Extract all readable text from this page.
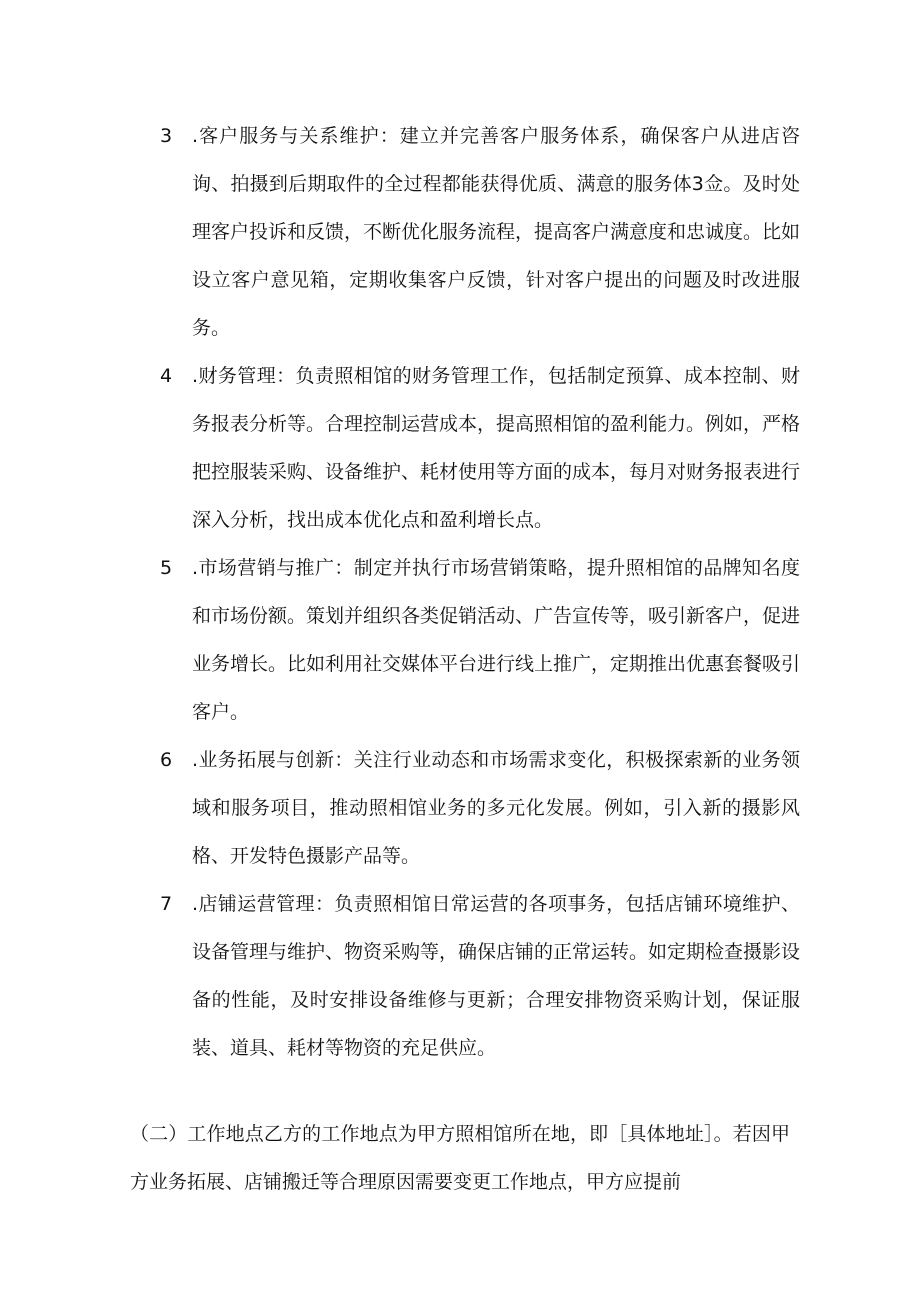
3	.客户服务与关系维护：建立并完善客户服务体系，确保客户从进店咨询、拍摄到后期取件的全过程都能获得优质、满意的服务体3佥。及时处理客户投诉和反馈，不断优化服务流程，提高客户满意度和忠诚度。比如设立客户意见箱，定期收集客户反馈，针对客户提出的问题及时改进服务。
4	.财务管理：负责照相馆的财务管理工作，包括制定预算、成本控制、财务报表分析等。合理控制运营成本，提高照相馆的盈利能力。例如，严格把控服装采购、设备维护、耗材使用等方面的成本，每月对财务报表进行深入分析，找出成本优化点和盈利增长点。
5	.市场营销与推广：制定并执行市场营销策略，提升照相馆的品牌知名度和市场份额。策划并组织各类促销活动、广告宣传等，吸引新客户，促进业务增长。比如利用社交媒体平台进行线上推广，定期推出优惠套餐吸引客户。
6	.业务拓展与创新：关注行业动态和市场需求变化，积极探索新的业务领域和服务项目，推动照相馆业务的多元化发展。例如，引入新的摄影风格、开发特色摄影产品等。
7	.店铺运营管理：负责照相馆日常运营的各项事务，包括店铺环境维护、设备管理与维护、物资采购等，确保店铺的正常运转。如定期检查摄影设备的性能，及时安排设备维修与更新；合理安排物资采购计划，保证服装、道具、耗材等物资的充足供应。
（二）工作地点乙方的工作地点为甲方照相馆所在地，即［具体地址］。若因甲方业务拓展、店铺搬迁等合理原因需要变更工作地点，甲方应提前
